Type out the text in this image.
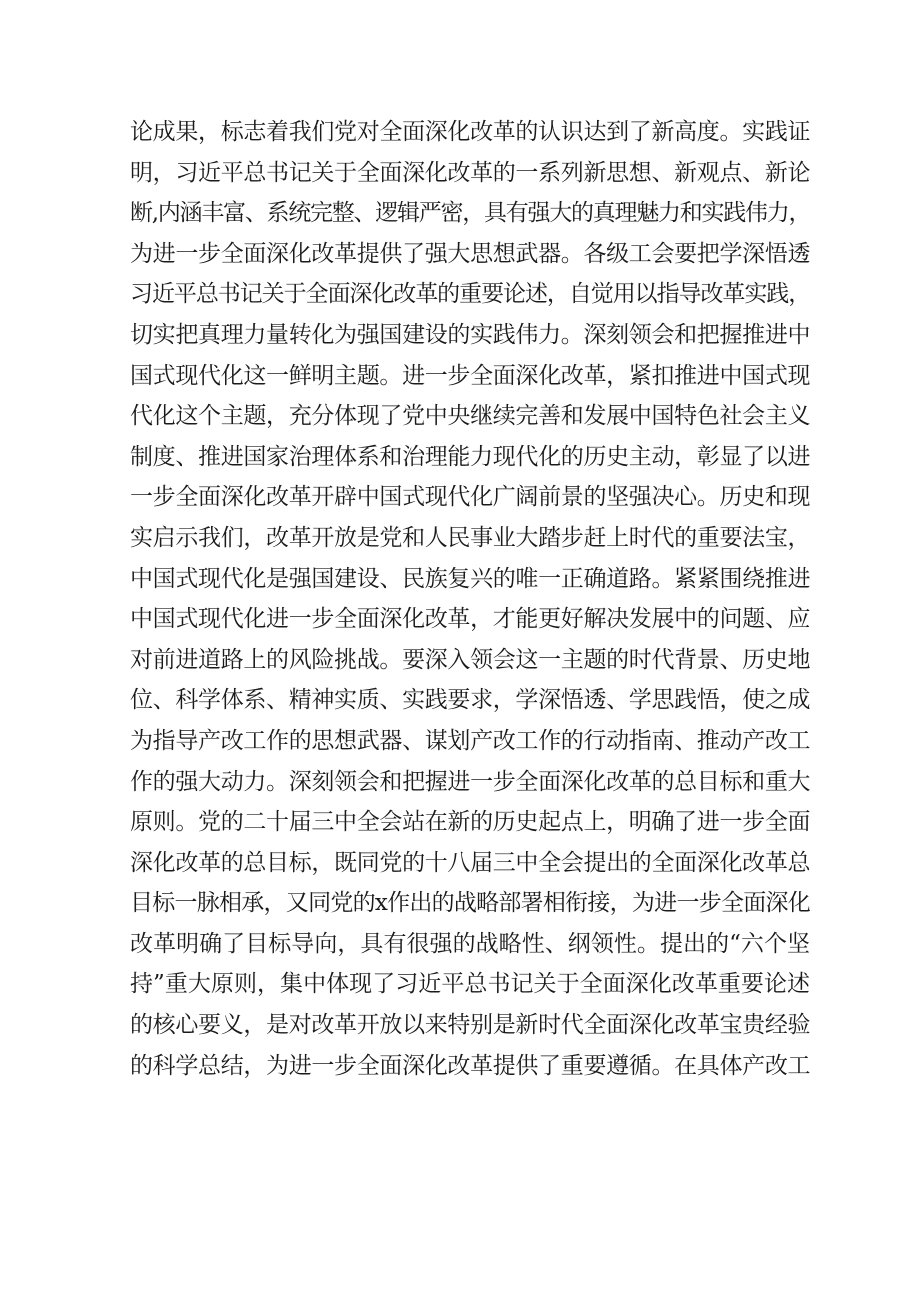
论成果，标志着我们党对全面深化改革的认识达到了新高度。实践证
明，习近平总书记关于全面深化改革的一系列新思想、新观点、新论
断,内涵丰富、系统完整、逻辑严密，具有强大的真理魅力和实践伟力，
为进一步全面深化改革提供了强大思想武器。各级工会要把学深悟透
习近平总书记关于全面深化改革的重要论述，自觉用以指导改革实践，
切实把真理力量转化为强国建设的实践伟力。深刻领会和把握推进中
国式现代化这一鲜明主题。进一步全面深化改革，紧扣推进中国式现
代化这个主题，充分体现了党中央继续完善和发展中国特色社会主义
制度、推进国家治理体系和治理能力现代化的历史主动，彰显了以进
一步全面深化改革开辟中国式现代化广阔前景的坚强决心。历史和现
实启示我们，改革开放是党和人民事业大踏步赶上时代的重要法宝，
中国式现代化是强国建设、民族复兴的唯一正确道路。紧紧围绕推进
中国式现代化进一步全面深化改革，才能更好解决发展中的问题、应
对前进道路上的风险挑战。要深入领会这一主题的时代背景、历史地
位、科学体系、精神实质、实践要求，学深悟透、学思践悟，使之成
为指导产改工作的思想武器、谋划产改工作的行动指南、推动产改工
作的强大动力。深刻领会和把握进一步全面深化改革的总目标和重大
原则。党的二十届三中全会站在新的历史起点上，明确了进一步全面
深化改革的总目标，既同党的十八届三中全会提出的全面深化改革总
目标一脉相承，又同党的x作出的战略部署相衔接，为进一步全面深化
改革明确了目标导向，具有很强的战略性、纲领性。提出的“六个坚
持”重大原则，集中体现了习近平总书记关于全面深化改革重要论述
的核心要义，是对改革开放以来特别是新时代全面深化改革宝贵经验
的科学总结，为进一步全面深化改革提供了重要遵循。在具体产改工
